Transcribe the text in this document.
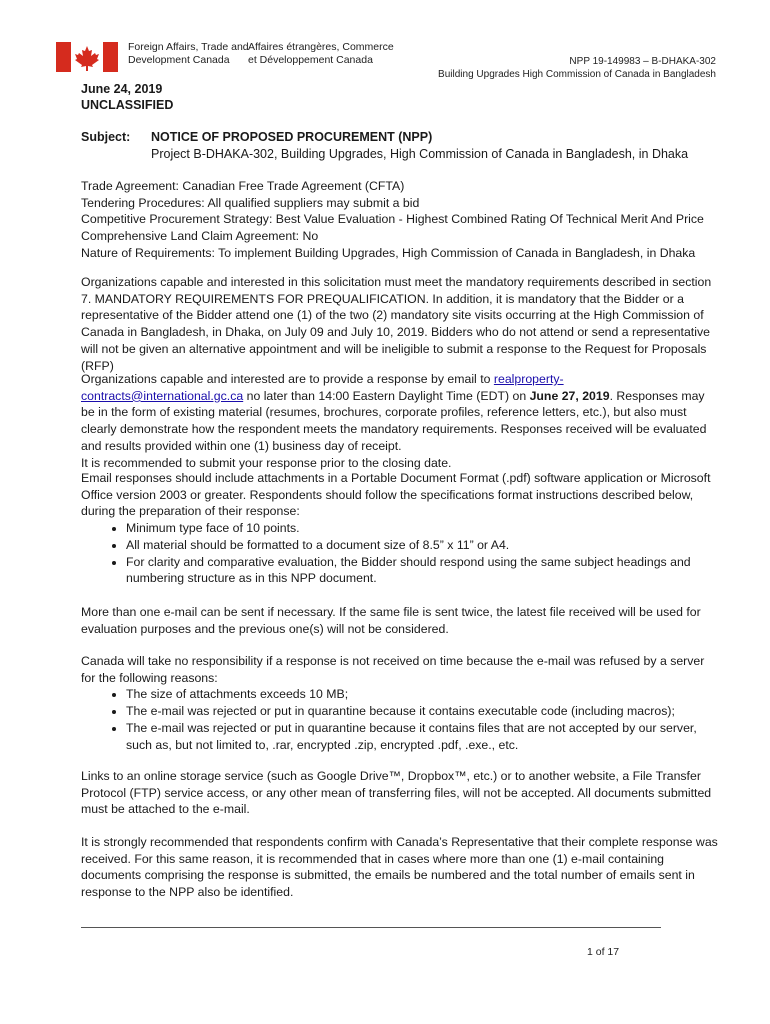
Foreign Affairs, Trade and
Development Canada
Affaires étrangères, Commerce
et Développement Canada	NPP 19-149983 – B-DHAKA-302
Building Upgrades High Commission of Canada in Bangladesh
June 24, 2019
UNCLASSIFIED
Subject: NOTICE OF PROPOSED PROCUREMENT (NPP)
Project B-DHAKA-302, Building Upgrades, High Commission of Canada in Bangladesh, in Dhaka

Trade Agreement: Canadian Free Trade Agreement (CFTA)

Tendering Procedures: All qualified suppliers may submit a bid

Competitive Procurement Strategy: Best Value Evaluation - Highest Combined Rating Of Technical Merit And Price

Comprehensive Land Claim Agreement: No

Nature of Requirements: To implement Building Upgrades, High Commission of Canada in Bangladesh, in Dhaka

Organizations capable and interested in this solicitation must meet the mandatory requirements described in section 7. MANDATORY REQUIREMENTS FOR PREQUALIFICATION. In addition, it is mandatory that the Bidder or a representative of the Bidder attend one (1) of the two (2) mandatory site visits occurring at the High Commission of Canada in Bangladesh, in Dhaka, on July 09 and July 10, 2019. Bidders who do not attend or send a representative will not be given an alternative appointment and will be ineligible to submit a response to the Request for Proposals (RFP)

Organizations capable and interested are to provide a response by email to realproperty-contracts@international.gc.ca no later than 14:00 Eastern Daylight Time (EDT) on June 27, 2019. Responses may be in the form of existing material (resumes, brochures, corporate profiles, reference letters, etc.), but also must clearly demonstrate how the respondent meets the mandatory requirements. Responses received will be evaluated and results provided within one (1) business day of receipt.

It is recommended to submit your response prior to the closing date.

Email responses should include attachments in a Portable Document Format (.pdf) software application or Microsoft Office version 2003 or greater. Respondents should follow the specifications format instructions described below, during the preparation of their response:

• Minimum type face of 10 points.
• All material should be formatted to a document size of 8.5” x 11” or A4.
• For clarity and comparative evaluation, the Bidder should respond using the same subject headings and numbering structure as in this NPP document.

More than one e-mail can be sent if necessary. If the same file is sent twice, the latest file received will be used for evaluation purposes and the previous one(s) will not be considered.

Canada will take no responsibility if a response is not received on time because the e-mail was refused by a server for the following reasons:

• The size of attachments exceeds 10 MB;
• The e-mail was rejected or put in quarantine because it contains executable code (including macros);
• The e-mail was rejected or put in quarantine because it contains files that are not accepted by our server, such as, but not limited to, .rar, encrypted .zip, encrypted .pdf, .exe., etc.

Links to an online storage service (such as Google Drive™, Dropbox™, etc.) or to another website, a File Transfer Protocol (FTP) service access, or any other mean of transferring files, will not be accepted. All documents submitted must be attached to the e-mail.

It is strongly recommended that respondents confirm with Canada’s Representative that their complete response was received. For this same reason, it is recommended that in cases where more than one (1) e-mail containing documents comprising the response is submitted, the emails be numbered and the total number of emails sent in response to the NPP also be identified.

1 of 17
